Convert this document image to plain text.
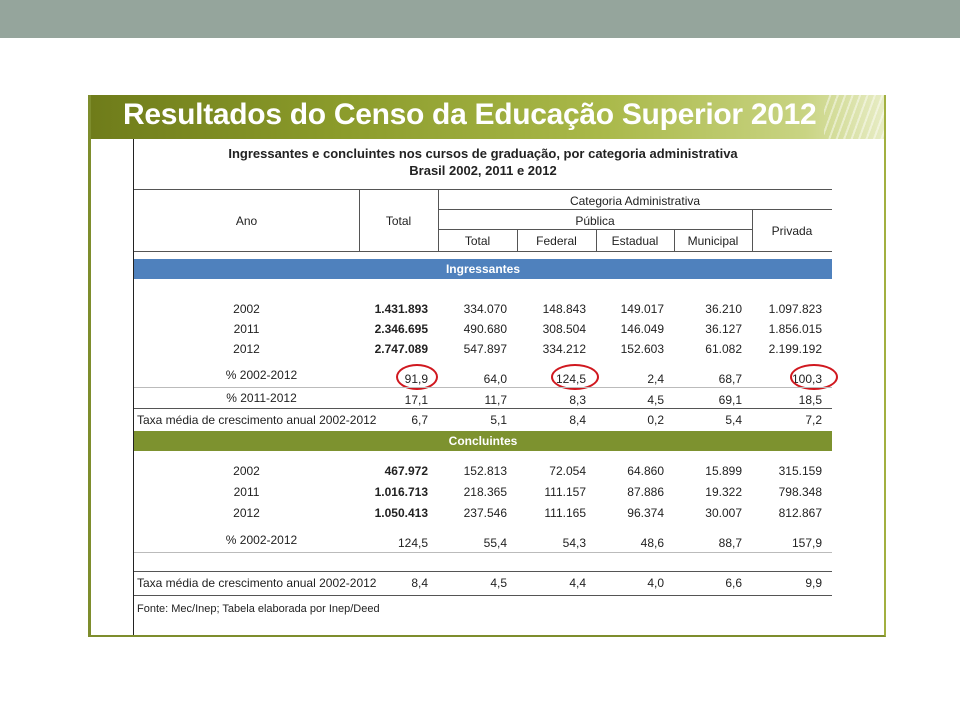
Resultados do Censo da Educação Superior 2012
Ingressantes e concluintes nos cursos de graduação, por categoria administrativa
Brasil 2002, 2011 e 2012
Ano	Total
Categoria Administrativa
Pública
Total	Federal	Estadual	Municipal
Privada
Ingressantes
2002	1.431.893	334.070	148.843	149.017	36.210	1.097.823
2011	2.346.695	490.680	308.504	146.049	36.127	1.856.015
2012	2.747.089	547.897	334.212	152.603	61.082	2.199.192
% 2002-2012	91,9	64,0	124,5	2,4	68,7	100,3
% 2011-2012	17,1	11,7	8,3	4,5	69,1	18,5
Taxa média de crescimento anual 2002-2012	6,7	5,1	8,4	0,2	5,4	7,2
Concluintes
2002	467.972	152.813	72.054	64.860	15.899	315.159
2011	1.016.713	218.365	111.157	87.886	19.322	798.348
2012	1.050.413	237.546	111.165	96.374	30.007	812.867
% 2002-2012	124,5	55,4	54,3	48,6	88,7	157,9
Taxa média de crescimento anual 2002-2012	8,4	4,5	4,4	4,0	6,6	9,9
Fonte: Mec/Inep; Tabela elaborada por Inep/Deed
